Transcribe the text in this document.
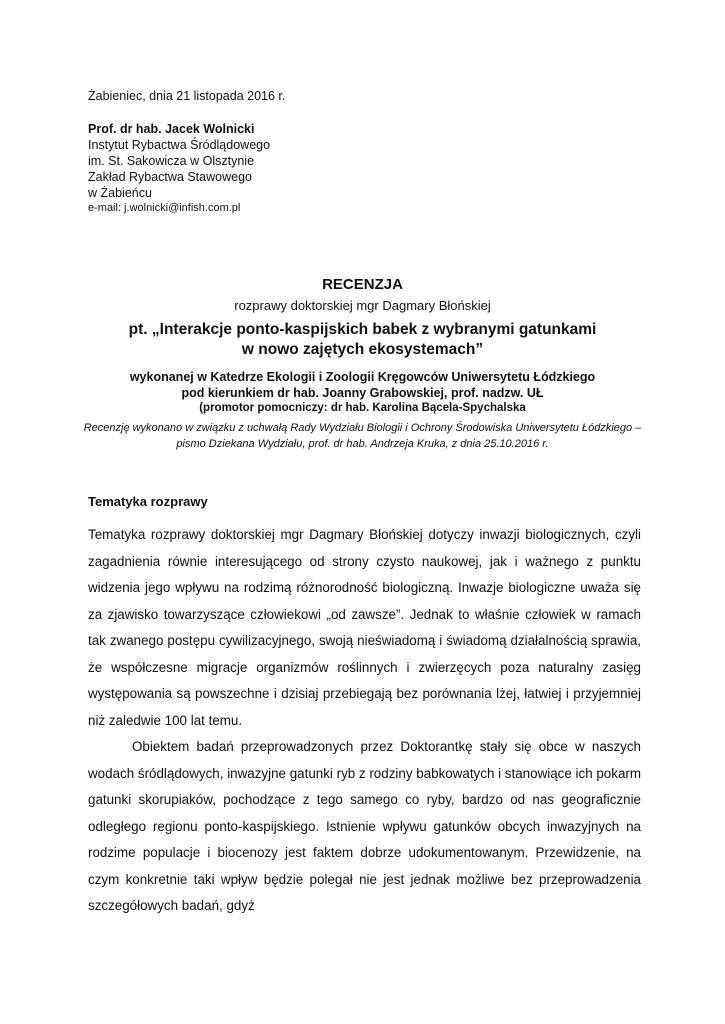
Żabieniec, dnia 21 listopada 2016 r.
Prof. dr hab. Jacek Wolnicki
Instytut Rybactwa Śródlądowego
im. St. Sakowicza w Olsztynie
Zakład Rybactwa Stawowego
w Żabieńcu
e-mail: j.wolnicki@infish.com.pl
RECENZJA
rozprawy doktorskiej mgr Dagmary Błońskiej
pt. „Interakcje ponto-kaspijskich babek z wybranymi gatunkami
w nowo zajętych ekosystemach”
wykonanej w Katedrze Ekologii i Zoologii Kręgowców Uniwersytetu Łódzkiego
pod kierunkiem dr hab. Joanny Grabowskiej, prof. nadzw. UŁ
(promotor pomocniczy: dr hab. Karolina Bącela-Spychalska
Recenzję wykonano w związku z uchwałą Rady Wydziału Biologii i Ochrony Środowiska Uniwersytetu Łódzkiego –
pismo Dziekana Wydziału, prof. dr hab. Andrzeja Kruka, z dnia 25.10.2016 r.
Tematyka rozprawy

Tematyka rozprawy doktorskiej mgr Dagmary Błońskiej dotyczy inwazji biologicznych, czyli zagadnienia równie interesującego od strony czysto naukowej, jak i ważnego z punktu widzenia jego wpływu na rodzimą różnorodność biologiczną. Inwazje biologiczne uważa się za zjawisko towarzyszące człowiekowi „od zawsze”. Jednak to właśnie człowiek w ramach tak zwanego postępu cywilizacyjnego, swoją nieświadomą i świadomą działalnością sprawia, że współczesne migracje organizmów roślinnych i zwierzęcych poza naturalny zasięg występowania są powszechne i dzisiaj przebiegają bez porównania lżej, łatwiej i przyjemniej niż zaledwie 100 lat temu.

Obiektem badań przeprowadzonych przez Doktorantkę stały się obce w naszych wodach śródlądowych, inwazyjne gatunki ryb z rodziny babkowatych i stanowiące ich pokarm gatunki skorupiaków, pochodzące z tego samego co ryby, bardzo od nas geograficznie odległego regionu ponto-kaspijskiego. Istnienie wpływu gatunków obcych inwazyjnych na rodzime populacje i biocenozy jest faktem dobrze udokumentowanym. Przewidzenie, na czym konkretnie taki wpływ będzie polegał nie jest jednak możliwe bez przeprowadzenia szczegółowych badań, gdyż
